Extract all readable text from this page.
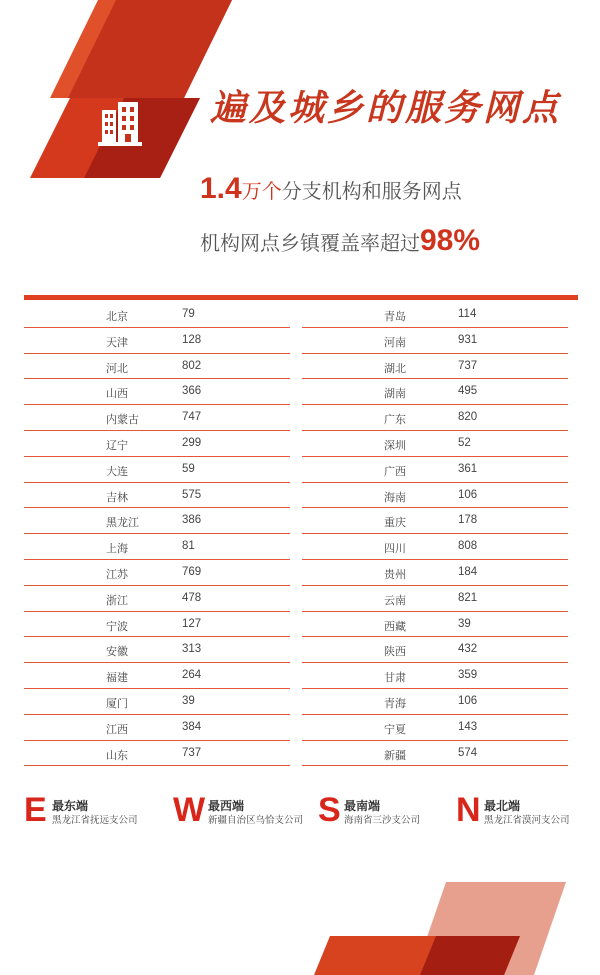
遍及城乡的服务网点
1.4万个分支机构和服务网点
机构网点乡镇覆盖率超过98%
北京	79
天津	128
河北	802
山西	366
内蒙古	747
辽宁	299
大连	59
吉林	575
黑龙江	386
上海	81
江苏	769
浙江	478
宁波	127
安徽	313
福建	264
厦门	39
江西	384
山东	737
青岛	114
河南	931
湖北	737
湖南	495
广东	820
深圳	52
广西	361
海南	106
重庆	178
四川	808
贵州	184
云南	821
西藏	39
陕西	432
甘肃	359
青海	106
宁夏	143
新疆	574
E 最东端
黑龙江省抚远支公司 W 最西端
新疆自治区乌恰支公司 S 最南端
海南省三沙支公司 N 最北端
黑龙江省漠河支公司
